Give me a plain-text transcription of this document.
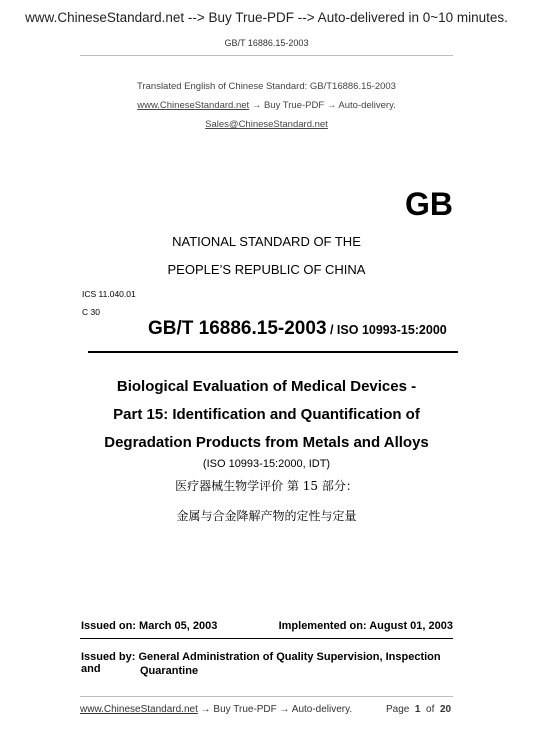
www.ChineseStandard.net --> Buy True-PDF --> Auto-delivered in 0~10 minutes.
GB/T 16886.15-2003
Translated English of Chinese Standard: GB/T16886.15-2003
www.ChineseStandard.net → Buy True-PDF → Auto-delivery.
Sales@ChineseStandard.net
GB
NATIONAL STANDARD OF THE
PEOPLE’S REPUBLIC OF CHINA
ICS 11.040.01
C 30
GB/T 16886.15-2003 / ISO 10993-15:2000
Biological Evaluation of Medical Devices -
Part 15: Identification and Quantification of
Degradation Products from Metals and Alloys
(ISO 10993-15:2000, IDT)
医疗器械生物学评价 第 15 部分：
金属与合金降解产物的定性与定量
Issued on: March 05, 2003	Implemented on: August 01, 2003
Issued by: General Administration of Quality Supervision, Inspection and	Quarantine
www.ChineseStandard.net → Buy True-PDF → Auto-delivery.	Page 1 of 20
